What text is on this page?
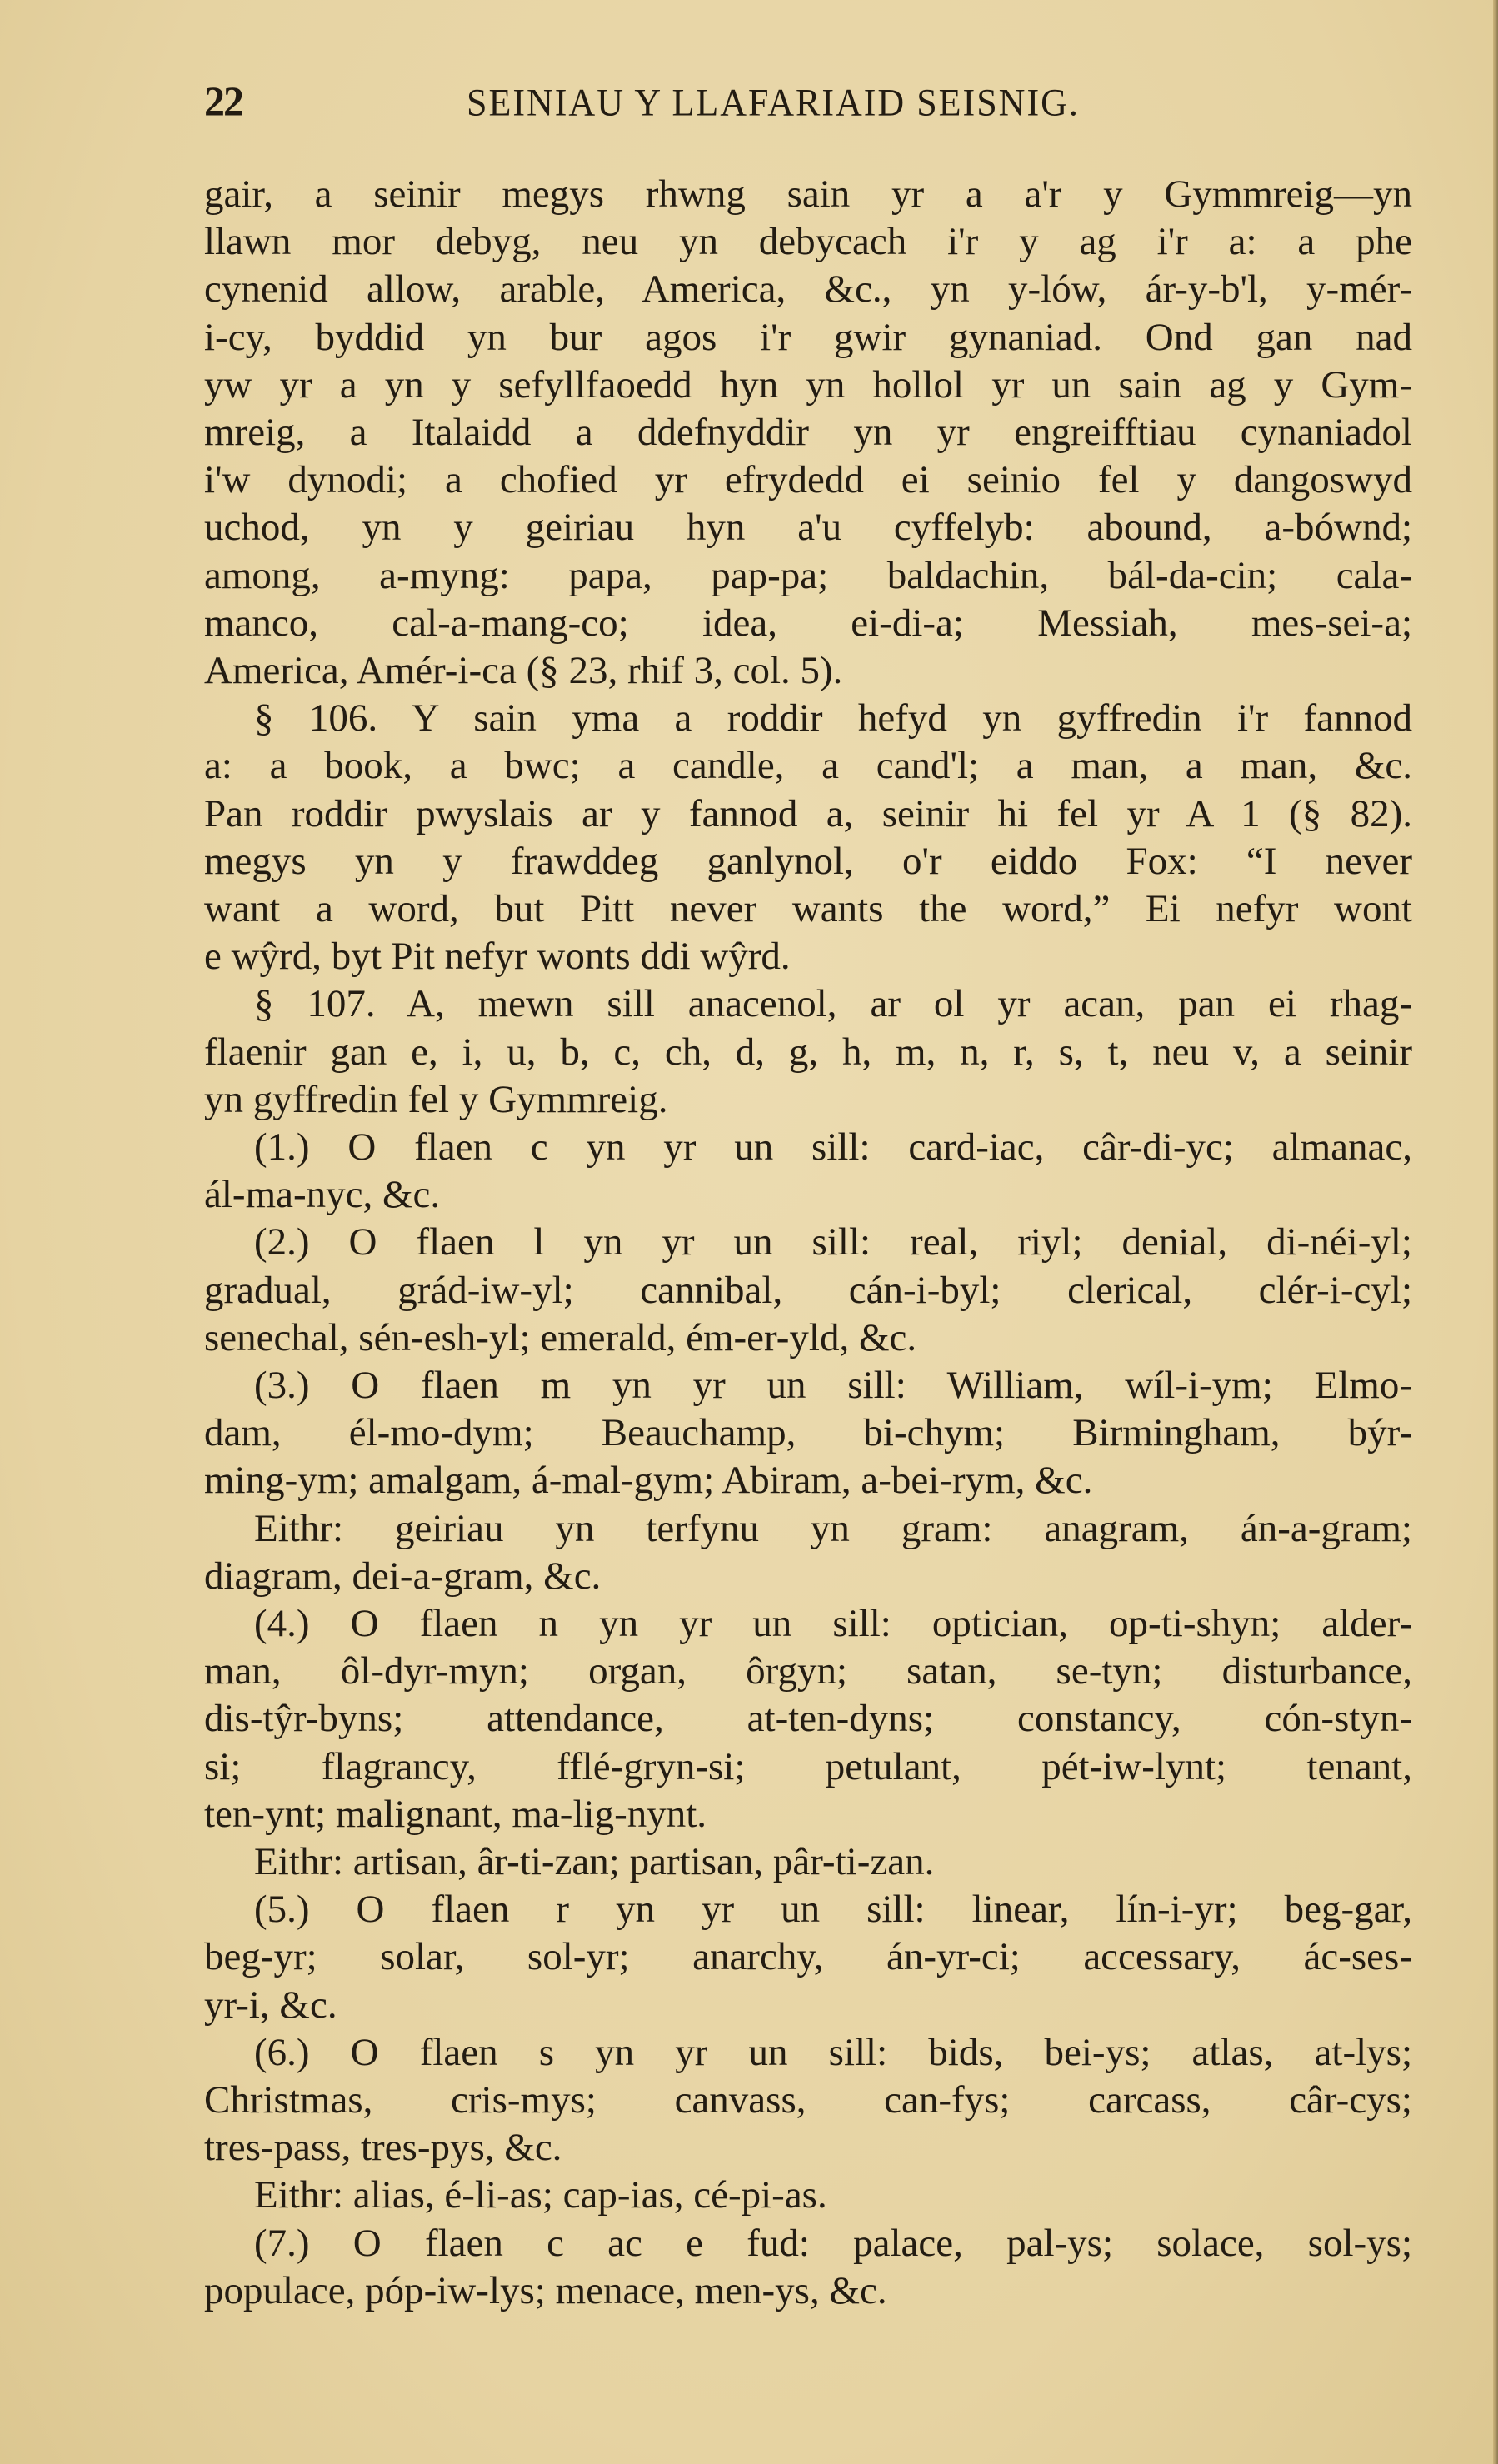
22	SEINIAU Y LLAFARIAID SEISNIG.
gair, a seinir megys rhwng sain yr a a'r y Gymmreig—yn
llawn mor debyg, neu yn debycach i'r y ag i'r a: a phe
cynenid allow, arable, America, &c., yn y-lów, ár-y-b'l, y-mér-
i-cy, byddid yn bur agos i'r gwir gynaniad. Ond gan nad
yw yr a yn y sefyllfaoedd hyn yn hollol yr un sain ag y Gym-
mreig, a Italaidd a ddefnyddir yn yr engreifftiau cynaniadol
i'w dynodi; a chofied yr efrydedd ei seinio fel y dangoswyd
uchod, yn y geiriau hyn a'u cyffelyb: abound, a-bównd;
among, a-myng: papa, pap-pa; baldachin, bál-da-cin; cala-
manco, cal-a-mang-co; idea, ei-di-a; Messiah, mes-sei-a;
America, Amér-i-ca (§ 23, rhif 3, col. 5).
§ 106. Y sain yma a roddir hefyd yn gyffredin i'r fannod
a: a book, a bwc; a candle, a cand'l; a man, a man, &c.
Pan roddir pwyslais ar y fannod a, seinir hi fel yr A 1 (§ 82).
megys yn y frawddeg ganlynol, o'r eiddo Fox: “I never
want a word, but Pitt never wants the word,” Ei nefyr wont
e wŷrd, byt Pit nefyr wonts ddi wŷrd.
§ 107. A, mewn sill anacenol, ar ol yr acan, pan ei rhag-
flaenir gan e, i, u, b, c, ch, d, g, h, m, n, r, s, t, neu v, a seinir
yn gyffredin fel y Gymmreig.
(1.) O flaen c yn yr un sill: card-iac, câr-di-yc; almanac,
ál-ma-nyc, &c.
(2.) O flaen l yn yr un sill: real, riyl; denial, di-néi-yl;
gradual, grád-iw-yl; cannibal, cán-i-byl; clerical, clér-i-cyl;
senechal, sén-esh-yl; emerald, ém-er-yld, &c.
(3.) O flaen m yn yr un sill: William, wíl-i-ym; Elmo-
dam, él-mo-dym; Beauchamp, bi-chym; Birmingham, býr-
ming-ym; amalgam, á-mal-gym; Abiram, a-bei-rym, &c.
Eithr: geiriau yn terfynu yn gram: anagram, án-a-gram;
diagram, dei-a-gram, &c.
(4.) O flaen n yn yr un sill: optician, op-ti-shyn; alder-
man, ôl-dyr-myn; organ, ôrgyn; satan, se-tyn; disturbance,
dis-tŷr-byns; attendance, at-ten-dyns; constancy, cón-styn-
si; flagrancy, fflé-gryn-si; petulant, pét-iw-lynt; tenant,
ten-ynt; malignant, ma-lig-nynt.
Eithr: artisan, âr-ti-zan; partisan, pâr-ti-zan.
(5.) O flaen r yn yr un sill: linear, lín-i-yr; beg-gar,
beg-yr; solar, sol-yr; anarchy, án-yr-ci; accessary, ác-ses-
yr-i, &c.
(6.) O flaen s yn yr un sill: bids, bei-ys; atlas, at-lys;
Christmas, cris-mys; canvass, can-fys; carcass, câr-cys;
tres-pass, tres-pys, &c.
Eithr: alias, é-li-as; cap-ias, cé-pi-as.
(7.) O flaen c ac e fud: palace, pal-ys; solace, sol-ys;
populace, póp-iw-lys; menace, men-ys, &c.
